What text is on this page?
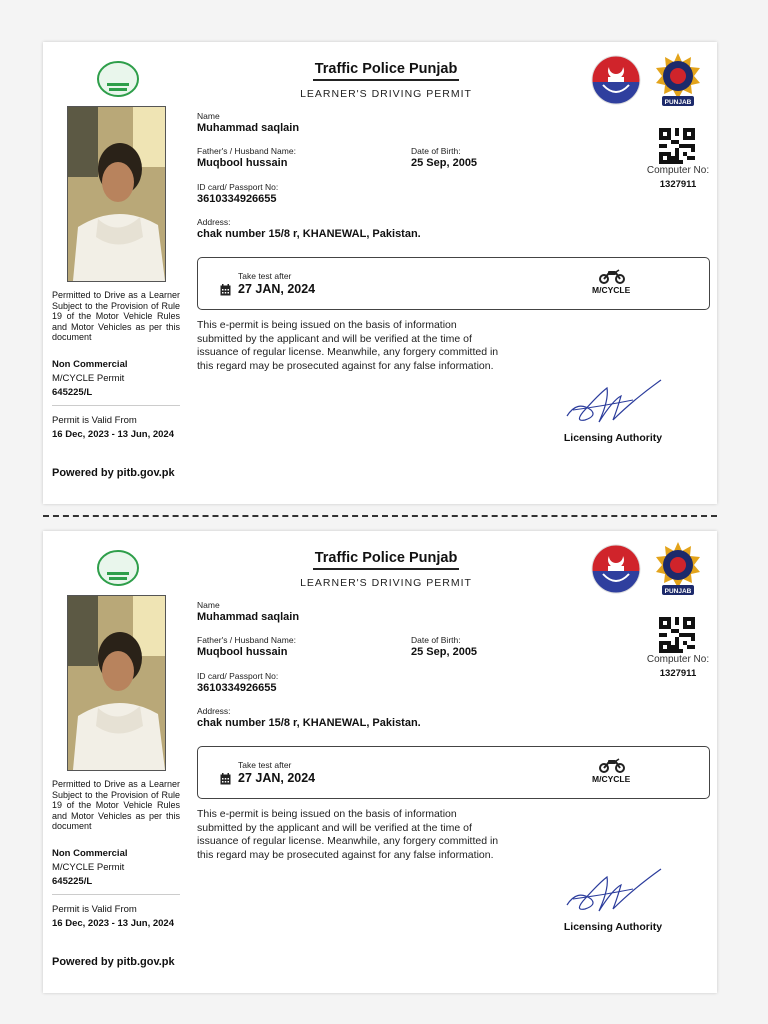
Permitted to Drive as a Learner Subject to the Provision of Rule 19 of the Motor Vehicle Rules and Motor Vehicles as per this document
Non Commercial
M/CYCLE Permit
645225/L
Permit is Valid From
16 Dec, 2023 - 13 Jun, 2024
Powered by pitb.gov.pk
Traffic Police Punjab
LEARNER'S DRIVING PERMIT
PUNJAB
Name
Muhammad saqlain
Father's / Husband Name:
Muqbool hussain
Date of Birth:
25 Sep, 2005
ID card/ Passport No:
3610334926655
Address:
chak number 15/8 r, KHANEWAL, Pakistan.
Computer No:
1327911
Take test after
27 JAN, 2024	M/CYCLE
This e-permit is being issued on the basis of information submitted by the applicant and will be verified at the time of issuance of regular license. Meanwhile, any forgery committed in this regard may be prosecuted against for any false information.
Licensing Authority
Permitted to Drive as a Learner Subject to the Provision of Rule 19 of the Motor Vehicle Rules and Motor Vehicles as per this document
Non Commercial
M/CYCLE Permit
645225/L
Permit is Valid From
16 Dec, 2023 - 13 Jun, 2024
Powered by pitb.gov.pk
Traffic Police Punjab
LEARNER'S DRIVING PERMIT
PUNJAB
Name
Muhammad saqlain
Father's / Husband Name:
Muqbool hussain
Date of Birth:
25 Sep, 2005
ID card/ Passport No:
3610334926655
Address:
chak number 15/8 r, KHANEWAL, Pakistan.
Computer No:
1327911
Take test after
27 JAN, 2024	M/CYCLE
This e-permit is being issued on the basis of information submitted by the applicant and will be verified at the time of issuance of regular license. Meanwhile, any forgery committed in this regard may be prosecuted against for any false information.
Licensing Authority
